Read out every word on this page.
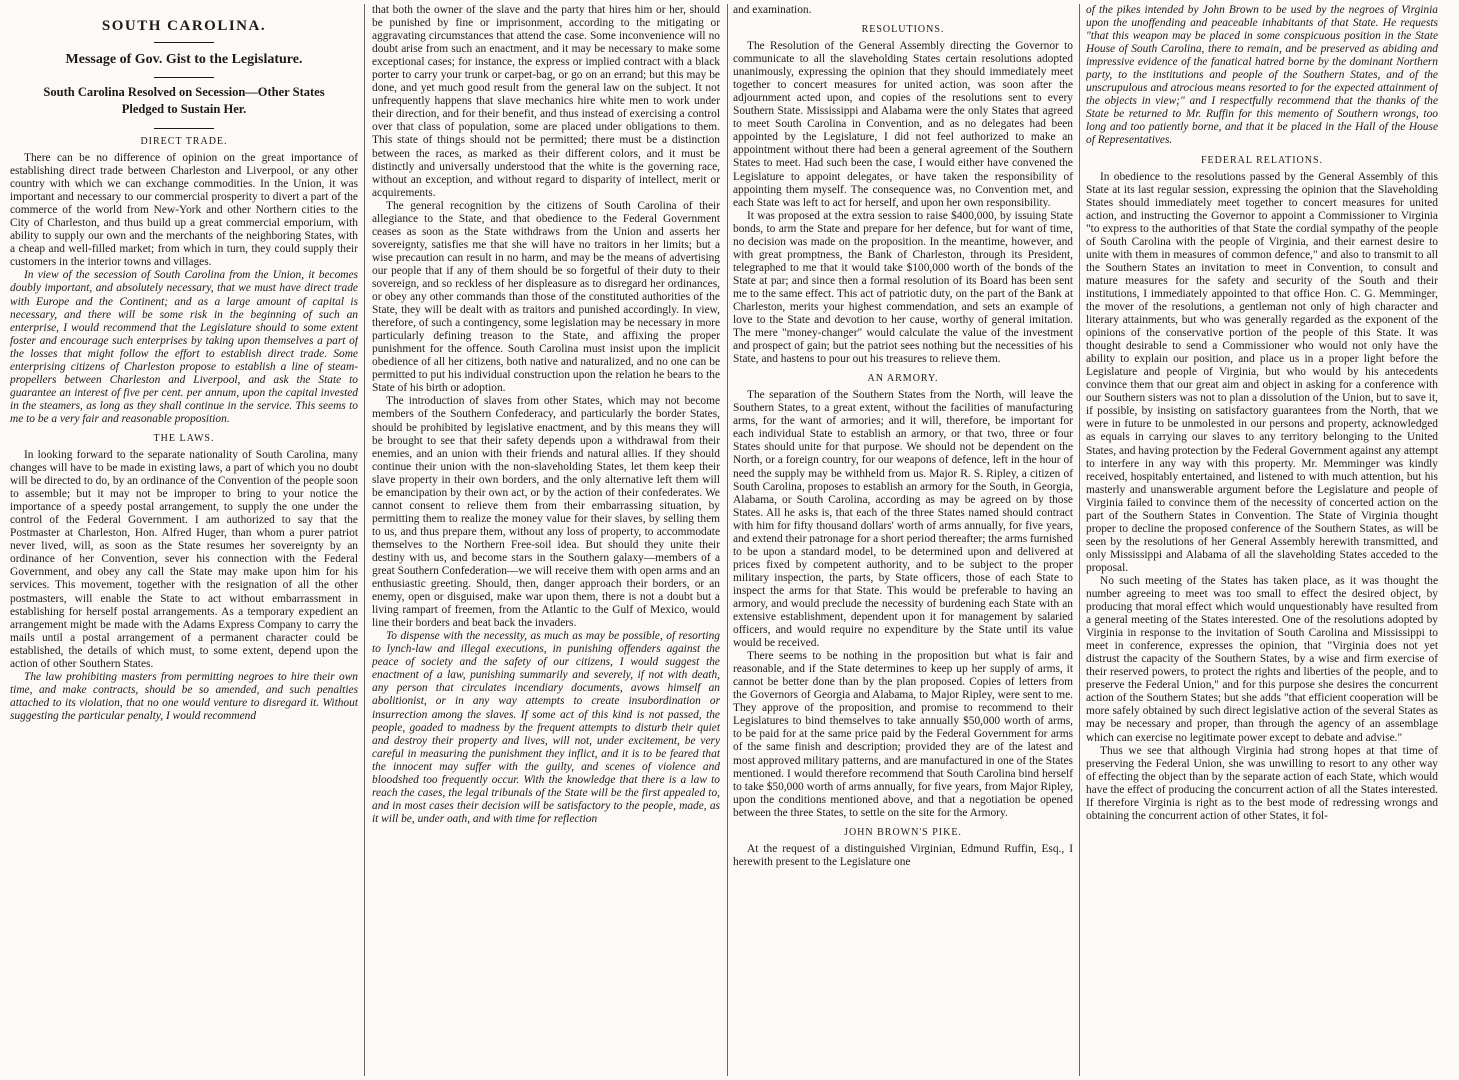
SOUTH CAROLINA.
Message of Gov. Gist to the Legislature.
South Carolina Resolved on Secession—Other States Pledged to Sustain Her.
DIRECT TRADE.

There can be no difference of opinion on the great importance of establishing direct trade between Charleston and Liverpool, or any other country with which we can exchange commodities. In the Union, it was important and necessary to our commercial prosperity to divert a part of the commerce of the world from New-York and other Northern cities to the City of Charleston, and thus build up a great commercial emporium, with ability to supply our own and the merchants of the neighboring States, with a cheap and well-filled market; from which in turn, they could supply their customers in the interior towns and villages.

In view of the secession of South Carolina from the Union, it becomes doubly important, and absolutely necessary, that we must have direct trade with Europe and the Continent; and as a large amount of capital is necessary, and there will be some risk in the beginning of such an enterprise, I would recommend that the Legislature should to some extent foster and encourage such enterprises by taking upon themselves a part of the losses that might follow the effort to establish direct trade. Some enterprising citizens of Charleston propose to establish a line of steam-propellers between Charleston and Liverpool, and ask the State to guarantee an interest of five per cent. per annum, upon the capital invested in the steamers, as long as they shall continue in the service. This seems to me to be a very fair and reasonable proposition.

THE LAWS.

In looking forward to the separate nationality of South Carolina, many changes will have to be made in existing laws, a part of which you no doubt will be directed to do, by an ordinance of the Convention of the people soon to assemble; but it may not be improper to bring to your notice the importance of a speedy postal arrangement, to supply the one under the control of the Federal Government. I am authorized to say that the Postmaster at Charleston, Hon. Alfred Huger, than whom a purer patriot never lived, will, as soon as the State resumes her sovereignty by an ordinance of her Convention, sever his connection with the Federal Government, and obey any call the State may make upon him for his services. This movement, together with the resignation of all the other postmasters, will enable the State to act without embarrassment in establishing for herself postal arrangements. As a temporary expedient an arrangement might be made with the Adams Express Company to carry the mails until a postal arrangement of a permanent character could be established, the details of which must, to some extent, depend upon the action of other Southern States.

The law prohibiting masters from permitting negroes to hire their own time, and make contracts, should be so amended, and such penalties attached to its violation, that no one would venture to disregard it. Without suggesting the particular penalty, I would recommend

that both the owner of the slave and the party that hires him or her, should be punished by fine or imprisonment, according to the mitigating or aggravating circumstances that attend the case. Some inconvenience will no doubt arise from such an enactment, and it may be necessary to make some exceptional cases; for instance, the express or implied contract with a black porter to carry your trunk or carpet-bag, or go on an errand; but this may be done, and yet much good result from the general law on the subject. It not unfrequently happens that slave mechanics hire white men to work under their direction, and for their benefit, and thus instead of exercising a control over that class of population, some are placed under obligations to them. This state of things should not be permitted; there must be a distinction between the races, as marked as their different colors, and it must be distinctly and universally understood that the white is the governing race, without an exception, and without regard to disparity of intellect, merit or acquirements.

The general recognition by the citizens of South Carolina of their allegiance to the State, and that obedience to the Federal Government ceases as soon as the State withdraws from the Union and asserts her sovereignty, satisfies me that she will have no traitors in her limits; but a wise precaution can result in no harm, and may be the means of advertising our people that if any of them should be so forgetful of their duty to their sovereign, and so reckless of her displeasure as to disregard her ordinances, or obey any other commands than those of the constituted authorities of the State, they will be dealt with as traitors and punished accordingly. In view, therefore, of such a contingency, some legislation may be necessary in more particularly defining treason to the State, and affixing the proper punishment for the offence. South Carolina must insist upon the implicit obedience of all her citizens, both native and naturalized, and no one can be permitted to put his individual construction upon the relation he bears to the State of his birth or adoption.

The introduction of slaves from other States, which may not become members of the Southern Confederacy, and particularly the border States, should be prohibited by legislative enactment, and by this means they will be brought to see that their safety depends upon a withdrawal from their enemies, and an union with their friends and natural allies. If they should continue their union with the non-slaveholding States, let them keep their slave property in their own borders, and the only alternative left them will be emancipation by their own act, or by the action of their confederates. We cannot consent to relieve them from their embarrassing situation, by permitting them to realize the money value for their slaves, by selling them to us, and thus prepare them, without any loss of property, to accommodate themselves to the Northern Free-soil idea. But should they unite their destiny with us, and become stars in the Southern galaxy—members of a great Southern Confederation—we will receive them with open arms and an enthusiastic greeting. Should, then, danger approach their borders, or an enemy, open or disguised, make war upon them, there is not a doubt but a living rampart of freemen, from the Atlantic to the Gulf of Mexico, would line their borders and beat back the invaders.

To dispense with the necessity, as much as may be possible, of resorting to lynch-law and illegal executions, in punishing offenders against the peace of society and the safety of our citizens, I would suggest the enactment of a law, punishing summarily and severely, if not with death, any person that circulates incendiary documents, avows himself an abolitionist, or in any way attempts to create insubordination or insurrection among the slaves. If some act of this kind is not passed, the people, goaded to madness by the frequent attempts to disturb their quiet and destroy their property and lives, will not, under excitement, be very careful in measuring the punishment they inflict, and it is to be feared that the innocent may suffer with the guilty, and scenes of violence and bloodshed too frequently occur. With the knowledge that there is a law to reach the cases, the legal tribunals of the State will be the first appealed to, and in most cases their decision will be satisfactory to the people, made, as it will be, under oath, and with time for reflection

and examination.

RESOLUTIONS.

The Resolution of the General Assembly directing the Governor to communicate to all the slaveholding States certain resolutions adopted unanimously, expressing the opinion that they should immediately meet together to concert measures for united action, was soon after the adjournment acted upon, and copies of the resolutions sent to every Southern State. Mississippi and Alabama were the only States that agreed to meet South Carolina in Convention, and as no delegates had been appointed by the Legislature, I did not feel authorized to make an appointment without there had been a general agreement of the Southern States to meet. Had such been the case, I would either have convened the Legislature to appoint delegates, or have taken the responsibility of appointing them myself. The consequence was, no Convention met, and each State was left to act for herself, and upon her own responsibility.

It was proposed at the extra session to raise $400,000, by issuing State bonds, to arm the State and prepare for her defence, but for want of time, no decision was made on the proposition. In the meantime, however, and with great promptness, the Bank of Charleston, through its President, telegraphed to me that it would take $100,000 worth of the bonds of the State at par; and since then a formal resolution of its Board has been sent me to the same effect. This act of patriotic duty, on the part of the Bank at Charleston, merits your highest commendation, and sets an example of love to the State and devotion to her cause, worthy of general imitation. The mere "money-changer" would calculate the value of the investment and prospect of gain; but the patriot sees nothing but the necessities of his State, and hastens to pour out his treasures to relieve them.

AN ARMORY.

The separation of the Southern States from the North, will leave the Southern States, to a great extent, without the facilities of manufacturing arms, for the want of armories; and it will, therefore, be important for each individual State to establish an armory, or that two, three or four States should unite for that purpose. We should not be dependent on the North, or a foreign country, for our weapons of defence, left in the hour of need the supply may be withheld from us. Major R. S. Ripley, a citizen of South Carolina, proposes to establish an armory for the South, in Georgia, Alabama, or South Carolina, according as may be agreed on by those States. All he asks is, that each of the three States named should contract with him for fifty thousand dollars' worth of arms annually, for five years, and extend their patronage for a short period thereafter; the arms furnished to be upon a standard model, to be determined upon and delivered at prices fixed by competent authority, and to be subject to the proper military inspection, the parts, by State officers, those of each State to inspect the arms for that State. This would be preferable to having an armory, and would preclude the necessity of burdening each State with an extensive establishment, dependent upon it for management by salaried officers, and would require no expenditure by the State until its value would be received.

There seems to be nothing in the proposition but what is fair and reasonable, and if the State determines to keep up her supply of arms, it cannot be better done than by the plan proposed. Copies of letters from the Governors of Georgia and Alabama, to Major Ripley, were sent to me. They approve of the proposition, and promise to recommend to their Legislatures to bind themselves to take annually $50,000 worth of arms, to be paid for at the same price paid by the Federal Government for arms of the same finish and description; provided they are of the latest and most approved military patterns, and are manufactured in one of the States mentioned. I would therefore recommend that South Carolina bind herself to take $50,000 worth of arms annually, for five years, from Major Ripley, upon the conditions mentioned above, and that a negotiation be opened between the three States, to settle on the site for the Armory.

JOHN BROWN'S PIKE.

At the request of a distinguished Virginian, Edmund Ruffin, Esq., I herewith present to the Legislature one

of the pikes intended by John Brown to be used by the negroes of Virginia upon the unoffending and peaceable inhabitants of that State. He requests "that this weapon may be placed in some conspicuous position in the State House of South Carolina, there to remain, and be preserved as abiding and impressive evidence of the fanatical hatred borne by the dominant Northern party, to the institutions and people of the Southern States, and of the unscrupulous and atrocious means resorted to for the expected attainment of the objects in view;" and I respectfully recommend that the thanks of the State be returned to Mr. Ruffin for this memento of Southern wrongs, too long and too patiently borne, and that it be placed in the Hall of the House of Representatives.

FEDERAL RELATIONS.

In obedience to the resolutions passed by the General Assembly of this State at its last regular session, expressing the opinion that the Slaveholding States should immediately meet together to concert measures for united action, and instructing the Governor to appoint a Commissioner to Virginia "to express to the authorities of that State the cordial sympathy of the people of South Carolina with the people of Virginia, and their earnest desire to unite with them in measures of common defence," and also to transmit to all the Southern States an invitation to meet in Convention, to consult and mature measures for the safety and security of the South and their institutions, I immediately appointed to that office Hon. C. G. Memminger, the mover of the resolutions, a gentleman not only of high character and literary attainments, but who was generally regarded as the exponent of the opinions of the conservative portion of the people of this State. It was thought desirable to send a Commissioner who would not only have the ability to explain our position, and place us in a proper light before the Legislature and people of Virginia, but who would by his antecedents convince them that our great aim and object in asking for a conference with our Southern sisters was not to plan a dissolution of the Union, but to save it, if possible, by insisting on satisfactory guarantees from the North, that we were in future to be unmolested in our persons and property, acknowledged as equals in carrying our slaves to any territory belonging to the United States, and having protection by the Federal Government against any attempt to interfere in any way with this property. Mr. Memminger was kindly received, hospitably entertained, and listened to with much attention, but his masterly and unanswerable argument before the Legislature and people of Virginia failed to convince them of the necessity of concerted action on the part of the Southern States in Convention. The State of Virginia thought proper to decline the proposed conference of the Southern States, as will be seen by the resolutions of her General Assembly herewith transmitted, and only Mississippi and Alabama of all the slaveholding States acceded to the proposal.

No such meeting of the States has taken place, as it was thought the number agreeing to meet was too small to effect the desired object, by producing that moral effect which would unquestionably have resulted from a general meeting of the States interested. One of the resolutions adopted by Virginia in response to the invitation of South Carolina and Mississippi to meet in conference, expresses the opinion, that "Virginia does not yet distrust the capacity of the Southern States, by a wise and firm exercise of their reserved powers, to protect the rights and liberties of the people, and to preserve the Federal Union," and for this purpose she desires the concurrent action of the Southern States; but she adds "that efficient cooperation will be more safely obtained by such direct legislative action of the several States as may be necessary and proper, than through the agency of an assemblage which can exercise no legitimate power except to debate and advise."

Thus we see that although Virginia had strong hopes at that time of preserving the Federal Union, she was unwilling to resort to any other way of effecting the object than by the separate action of each State, which would have the effect of producing the concurrent action of all the States interested. If therefore Virginia is right as to the best mode of redressing wrongs and obtaining the concurrent action of other States, it fol-
